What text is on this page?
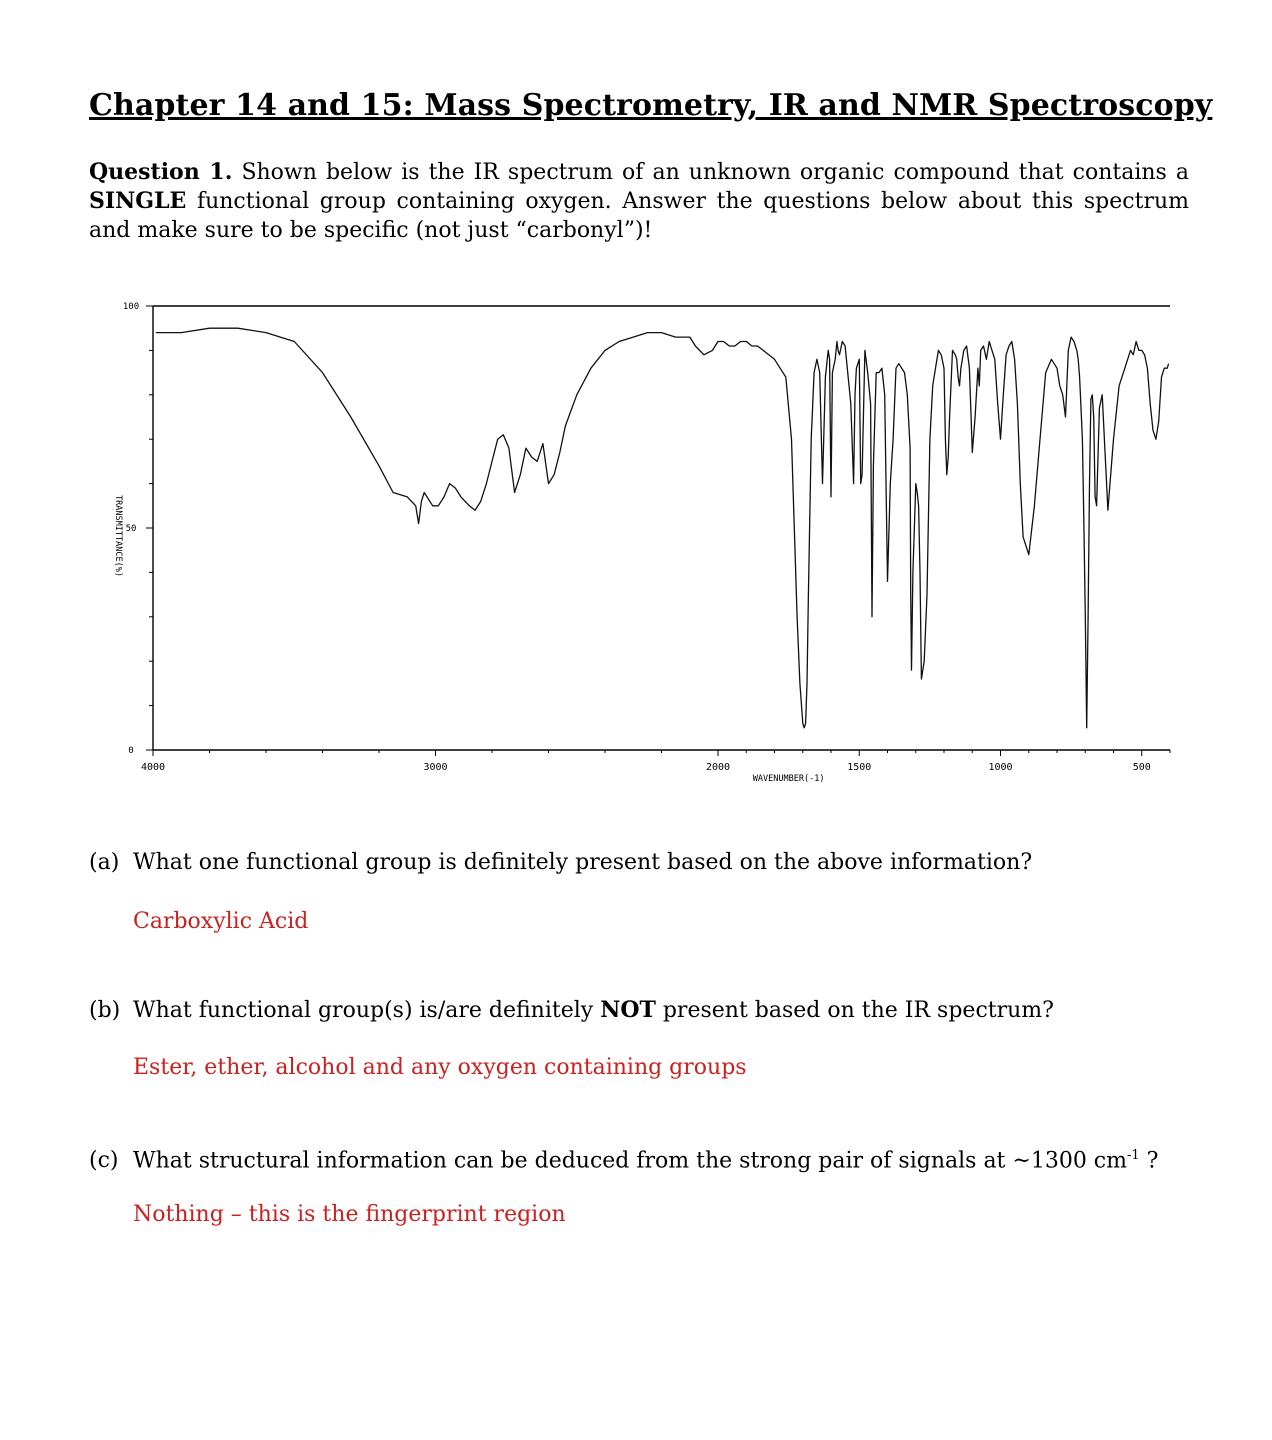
Chapter 14 and 15: Mass Spectrometry, IR and NMR Spectroscopy
Question 1. Shown below is the IR spectrum of an unknown organic compound that contains a SINGLE functional group containing oxygen. Answer the questions below about this spectrum and make sure to be specific (not just “carbonyl”)!
4000	3000	2000	1500	1000	500
100
50
0
WAVENUMBER(-1)
TRANSMITTANCE(%)
(a) What one functional group is definitely present based on the above information?
Carboxylic Acid
(b) What functional group(s) is/are definitely NOT present based on the IR spectrum?
Ester, ether, alcohol and any oxygen containing groups
(c) What structural information can be deduced from the strong pair of signals at ~1300 $cm^{-1}$ ?
Nothing – this is the fingerprint region
